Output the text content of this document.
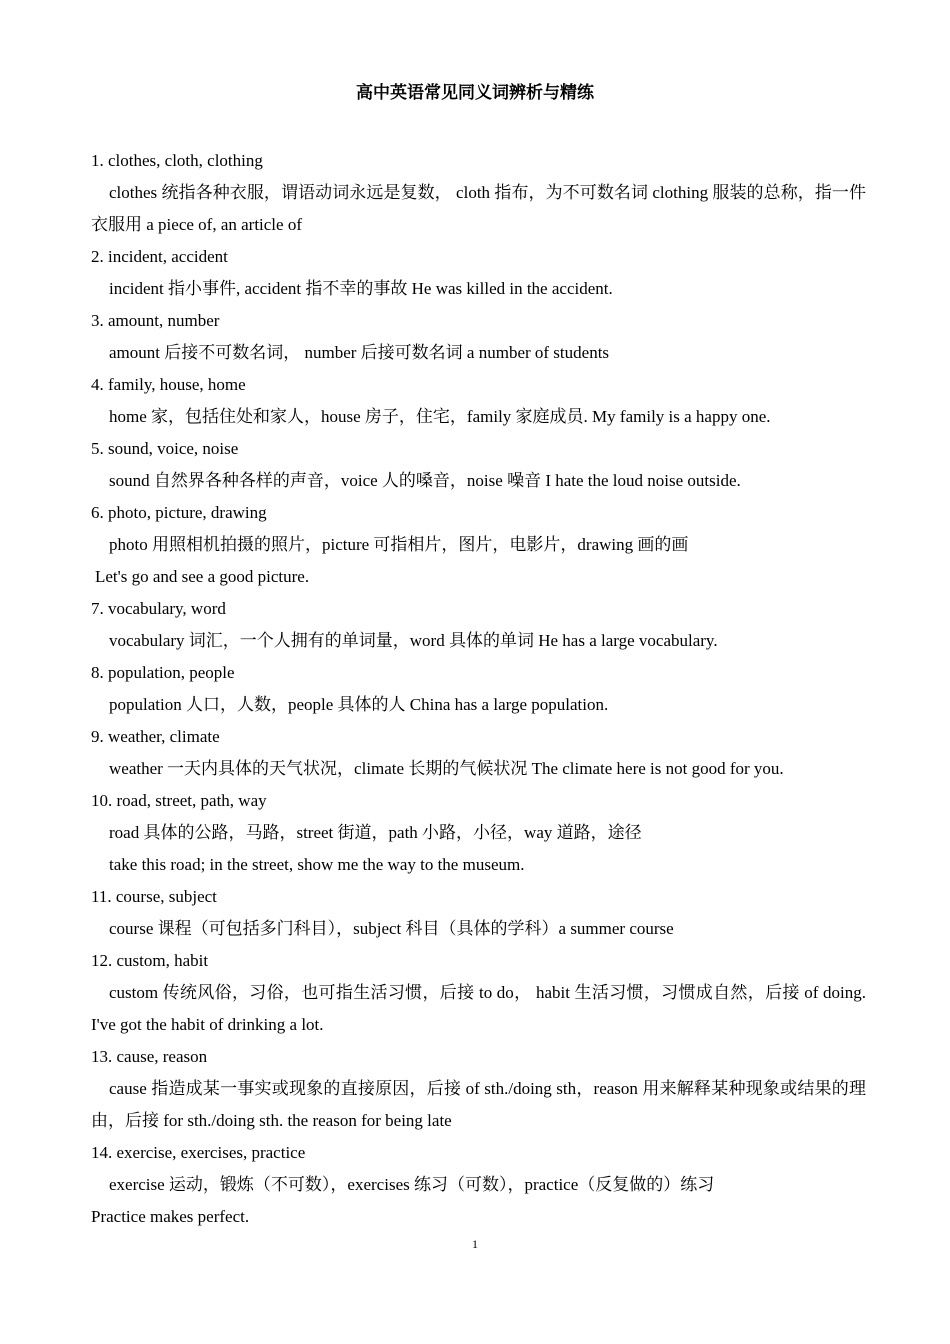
高中英语常见同义词辨析与精练

1. clothes, cloth, clothing

clothes 统指各种衣服，谓语动词永远是复数， cloth 指布，为不可数名词 clothing 服装的总称，指一件衣服用 a piece of, an article of

2. incident, accident

incident 指小事件, accident 指不幸的事故 He was killed in the accident.

3. amount, number

amount 后接不可数名词， number 后接可数名词 a number of students

4. family, house, home

home 家，包括住处和家人，house 房子，住宅，family 家庭成员. My family is a happy one.

5. sound, voice, noise

sound 自然界各种各样的声音，voice 人的嗓音，noise 噪音 I hate the loud noise outside.

6. photo, picture, drawing

photo 用照相机拍摄的照片，picture 可指相片，图片，电影片，drawing 画的画

Let's go and see a good picture.

7. vocabulary, word

vocabulary 词汇，一个人拥有的单词量，word 具体的单词 He has a large vocabulary.

8. population, people

population 人口，人数，people 具体的人 China has a large population.

9. weather, climate

weather 一天内具体的天气状况，climate 长期的气候状况 The climate here is not good for you.

10. road, street, path, way

road 具体的公路，马路，street 街道，path 小路，小径，way 道路，途径

take this road; in the street, show me the way to the museum.

11. course, subject

course 课程（可包括多门科目），subject 科目（具体的学科）a summer course

12. custom, habit

custom 传统风俗，习俗，也可指生活习惯，后接 to do， habit 生活习惯，习惯成自然，后接 of doing. I've got the habit of drinking a lot.

13. cause, reason

cause 指造成某一事实或现象的直接原因，后接 of sth./doing sth，reason 用来解释某种现象或结果的理由，后接 for sth./doing sth. the reason for being late

14. exercise, exercises, practice

exercise 运动，锻炼（不可数），exercises 练习（可数），practice（反复做的）练习

Practice makes perfect.

1
